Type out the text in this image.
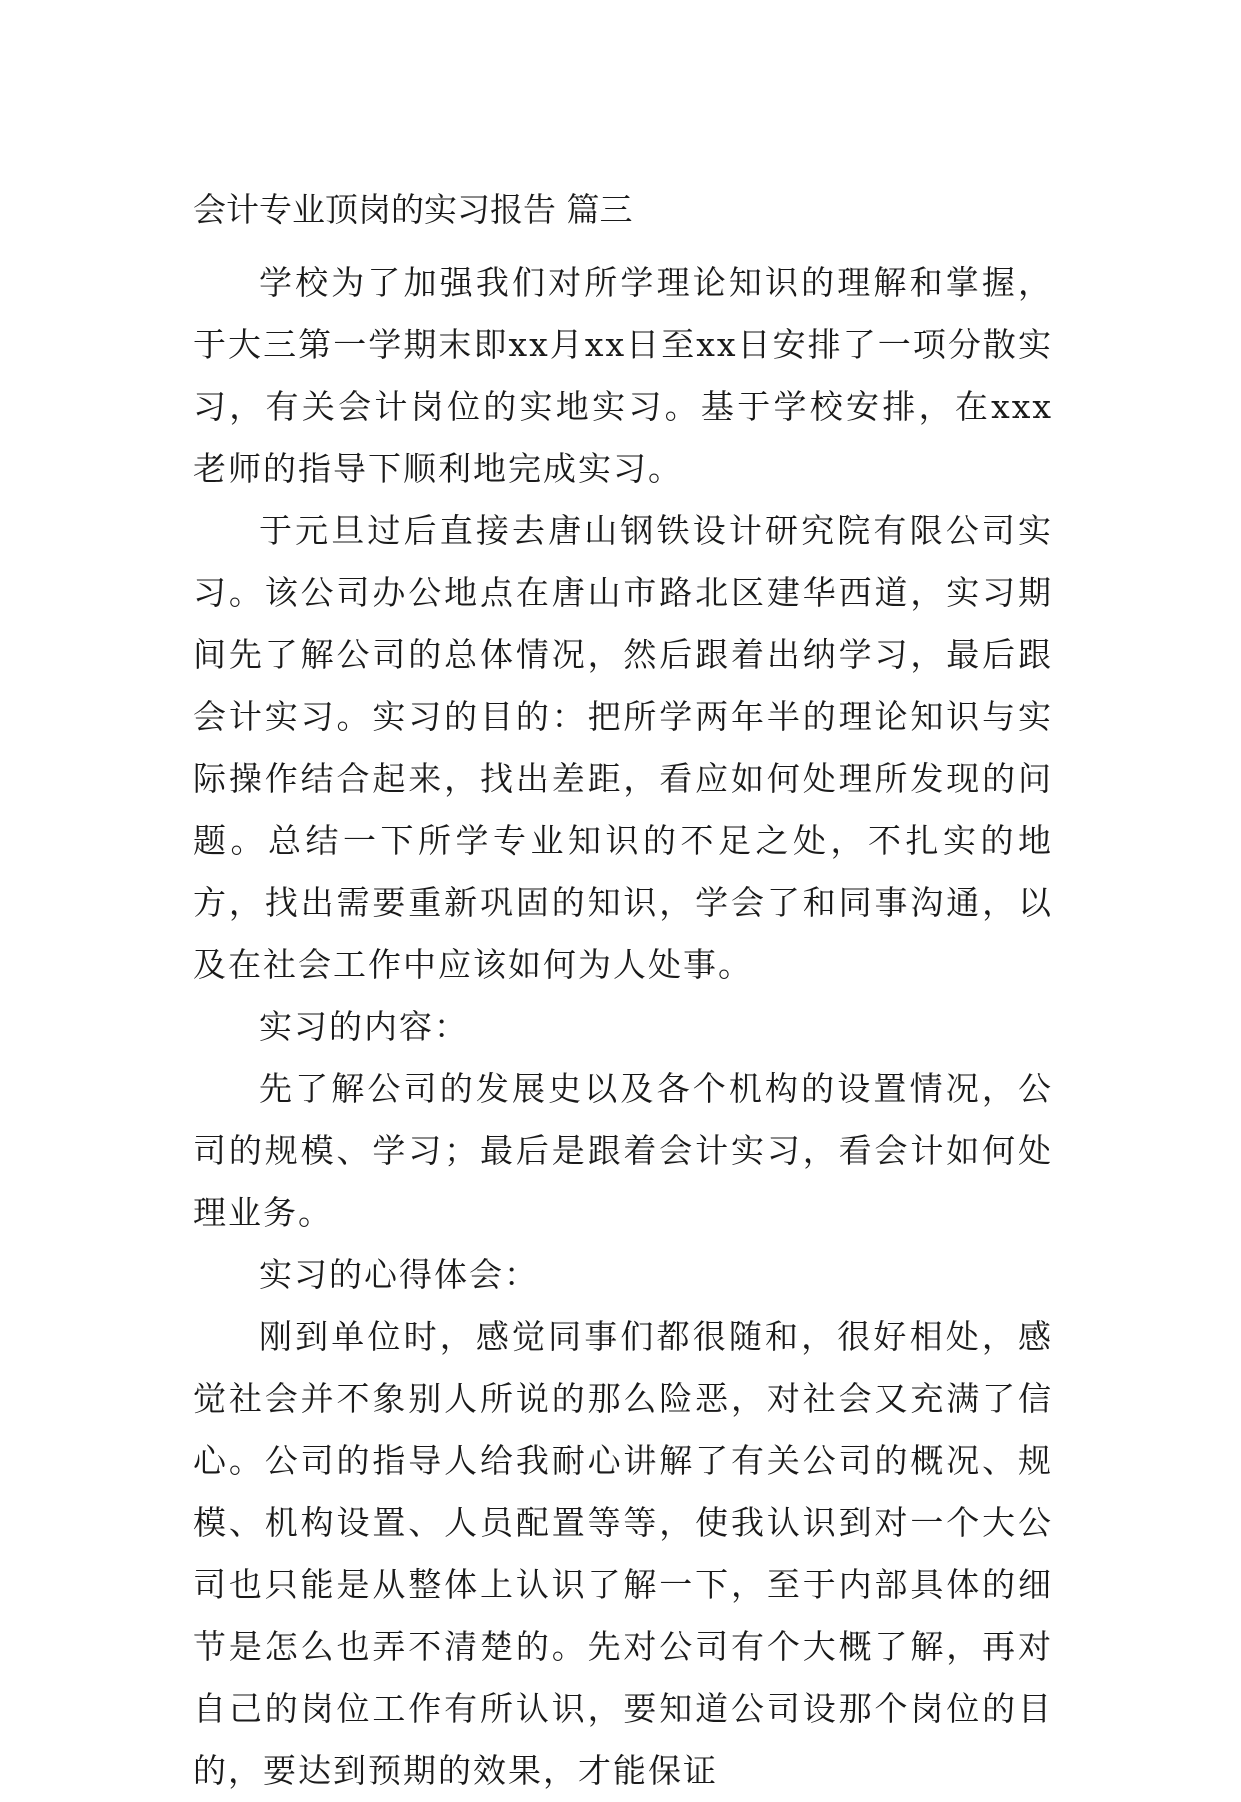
会计专业顶岗的实习报告 篇三

学校为了加强我们对所学理论知识的理解和掌握，于大三第一学期末即xx月xx日至xx日安排了一项分散实习，有关会计岗位的实地实习。基于学校安排，在xxx老师的指导下顺利地完成实习。

于元旦过后直接去唐山钢铁设计研究院有限公司实习。该公司办公地点在唐山市路北区建华西道，实习期间先了解公司的总体情况，然后跟着出纳学习，最后跟会计实习。实习的目的：把所学两年半的理论知识与实际操作结合起来，找出差距，看应如何处理所发现的问题。总结一下所学专业知识的不足之处，不扎实的地方，找出需要重新巩固的知识，学会了和同事沟通，以及在社会工作中应该如何为人处事。

实习的内容：

先了解公司的发展史以及各个机构的设置情况，公司的规模、学习；最后是跟着会计实习，看会计如何处理业务。

实习的心得体会：

刚到单位时，感觉同事们都很随和，很好相处，感觉社会并不象别人所说的那么险恶，对社会又充满了信心。公司的指导人给我耐心讲解了有关公司的概况、规模、机构设置、人员配置等等，使我认识到对一个大公司也只能是从整体上认识了解一下，至于内部具体的细节是怎么也弄不清楚的。先对公司有个大概了解，再对自己的岗位工作有所认识，要知道公司设那个岗位的目的，要达到预期的效果，才能保证
